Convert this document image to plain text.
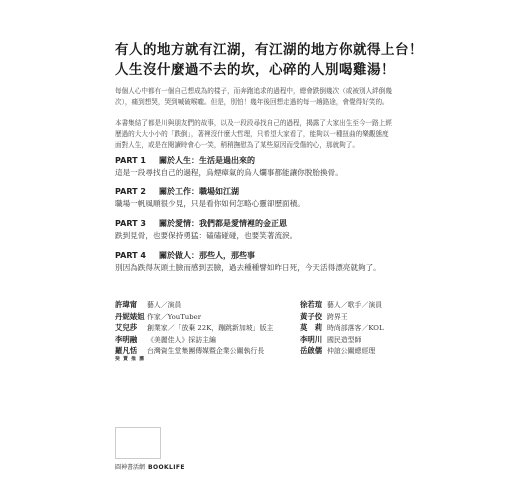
有人的地方就有江湖，有江湖的地方你就得上台！
人生沒什麼過不去的坎，心碎的人別喝雞湯！
每個人心中都有一個自己想成為的樣子，而奔跑追求的過程中，總會跌倒幾次（或被別人絆倒幾
次），痛到想哭，哭到喊破喉嚨。但是，別怕！幾年後回想走過的每一趟路途，會覺得好笑的。
本書集結了都是川與朋友們的故事，以及一段段尋找自己的過程，揭露了大家出生至今一路上經
歷過的大大小小的「跌倒」，著裡沒什麼大哲理，只希望大家看了，能夠以一種扭曲的樂觀態度
面對人生，或是在閱讀時會心一笑，稍稍撫慰為了某些原因而受傷的心，那就夠了。
PART 1 關於人生：生活是過出來的
這是一段尋找自己的過程，烏煙瘴氣的烏人爛事都能讓你脫胎換骨。
PART 2 關於工作：職場如江湖
職場一帆風順很少見，只是看你如何怎略心靈卻歷面積。
PART 3 關於愛情：我們都是愛情裡的金正恩
跌到見骨，也要保持勇猛：磕磕碰碰，也要笑著流淚。
PART 4 關於做人：那些人，那些事
別因為跌得灰頭土臉而感到丟臉，過去種種譬如昨日死，今天活得漂亮就夠了。
許瑋甯 藝人／演員
丹妮婊姐 作家／YouTuber
艾兒莎 創業家／「放棄 22K，蹦跳新加坡」版主
李明融 《美麗佳人》採訪主編
羅凡恬 台灣資生堂集團傳媒暨企業公關執行長
斐 賣 推 薦
徐若瑄 藝人／歌手／演員
黃子佼 跨界王
莫　莉 時尚部落客／KOL
李明川 國民造型師
岳啟儒 仲誼公關總經理
圓神書活網 BOOKLIFE
